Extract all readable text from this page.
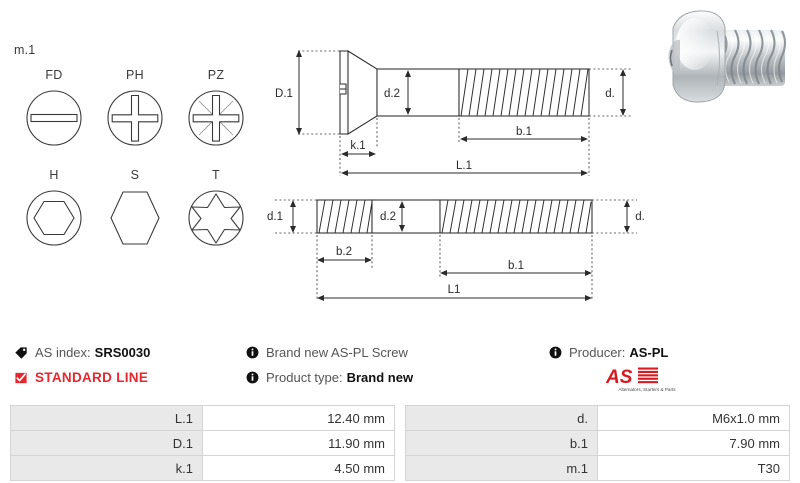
m.1
FD	PH	PZ
H	S	T
D.1	d.2	d.
k.1
b.1
L.1
d.1	d.2	d.
b.2
b.1
L1
AS index: SRS0030
STANDARD LINE
Brand new AS-PL Screw
Product type: Brand new
Producer: AS-PL
AS
Alternators, Starters & Parts
L.1	12.40 mm
D.1	11.90 mm
k.1	4.50 mm
d.	M6x1.0 mm
b.1	7.90 mm
m.1	T30
